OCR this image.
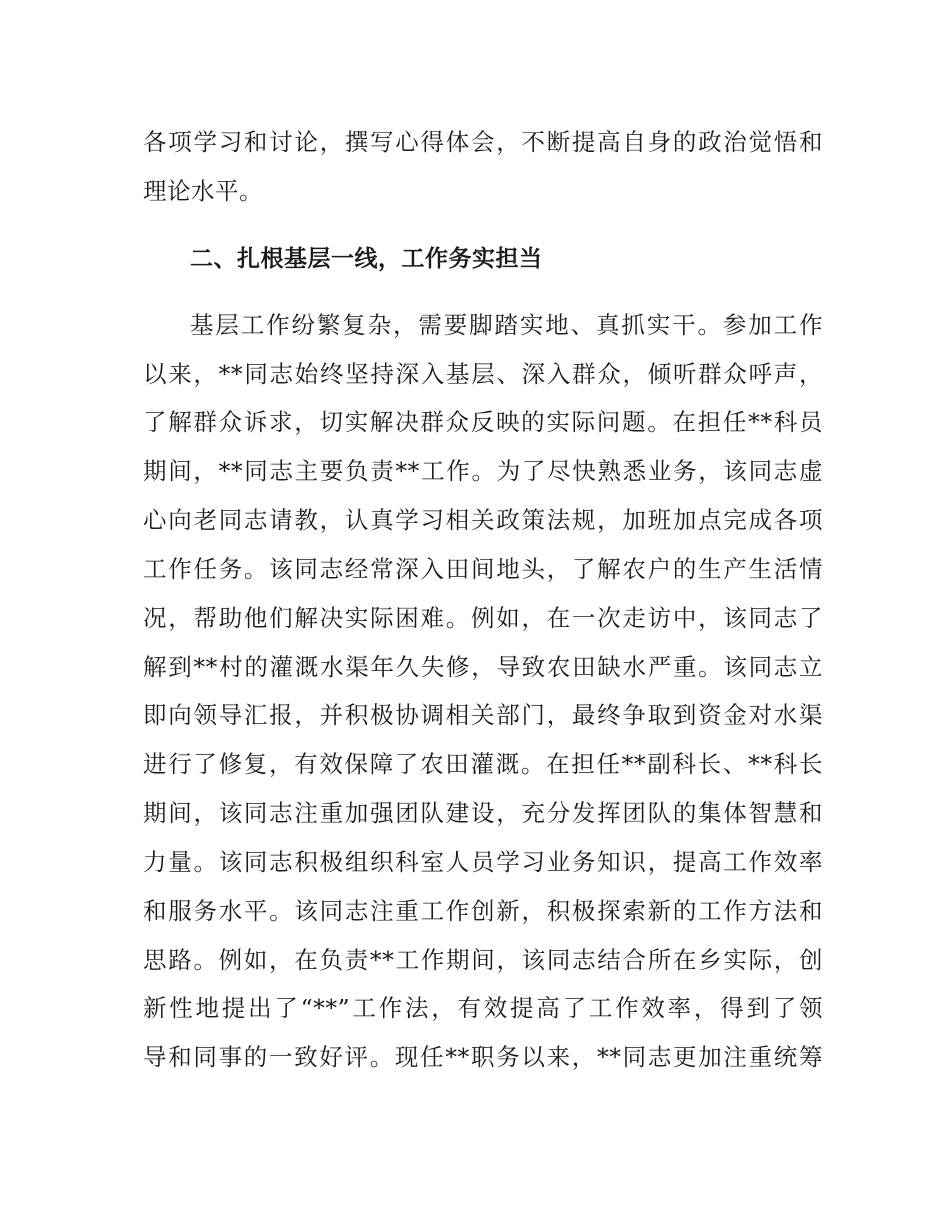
各项学习和讨论，撰写心得体会，不断提高自身的政治觉悟和
理论水平。
二、扎根基层一线，工作务实担当
基层工作纷繁复杂，需要脚踏实地、真抓实干。参加工作
以来，**同志始终坚持深入基层、深入群众，倾听群众呼声，
了解群众诉求，切实解决群众反映的实际问题。在担任**科员
期间，**同志主要负责**工作。为了尽快熟悉业务，该同志虚
心向老同志请教，认真学习相关政策法规，加班加点完成各项
工作任务。该同志经常深入田间地头，了解农户的生产生活情
况，帮助他们解决实际困难。例如，在一次走访中，该同志了
解到**村的灌溉水渠年久失修，导致农田缺水严重。该同志立
即向领导汇报，并积极协调相关部门，最终争取到资金对水渠
进行了修复，有效保障了农田灌溉。在担任**副科长、**科长
期间，该同志注重加强团队建设，充分发挥团队的集体智慧和
力量。该同志积极组织科室人员学习业务知识，提高工作效率
和服务水平。该同志注重工作创新，积极探索新的工作方法和
思路。例如，在负责**工作期间，该同志结合所在乡实际，创
新性地提出了“**”工作法，有效提高了工作效率，得到了领
导和同事的一致好评。现任**职务以来，**同志更加注重统筹
